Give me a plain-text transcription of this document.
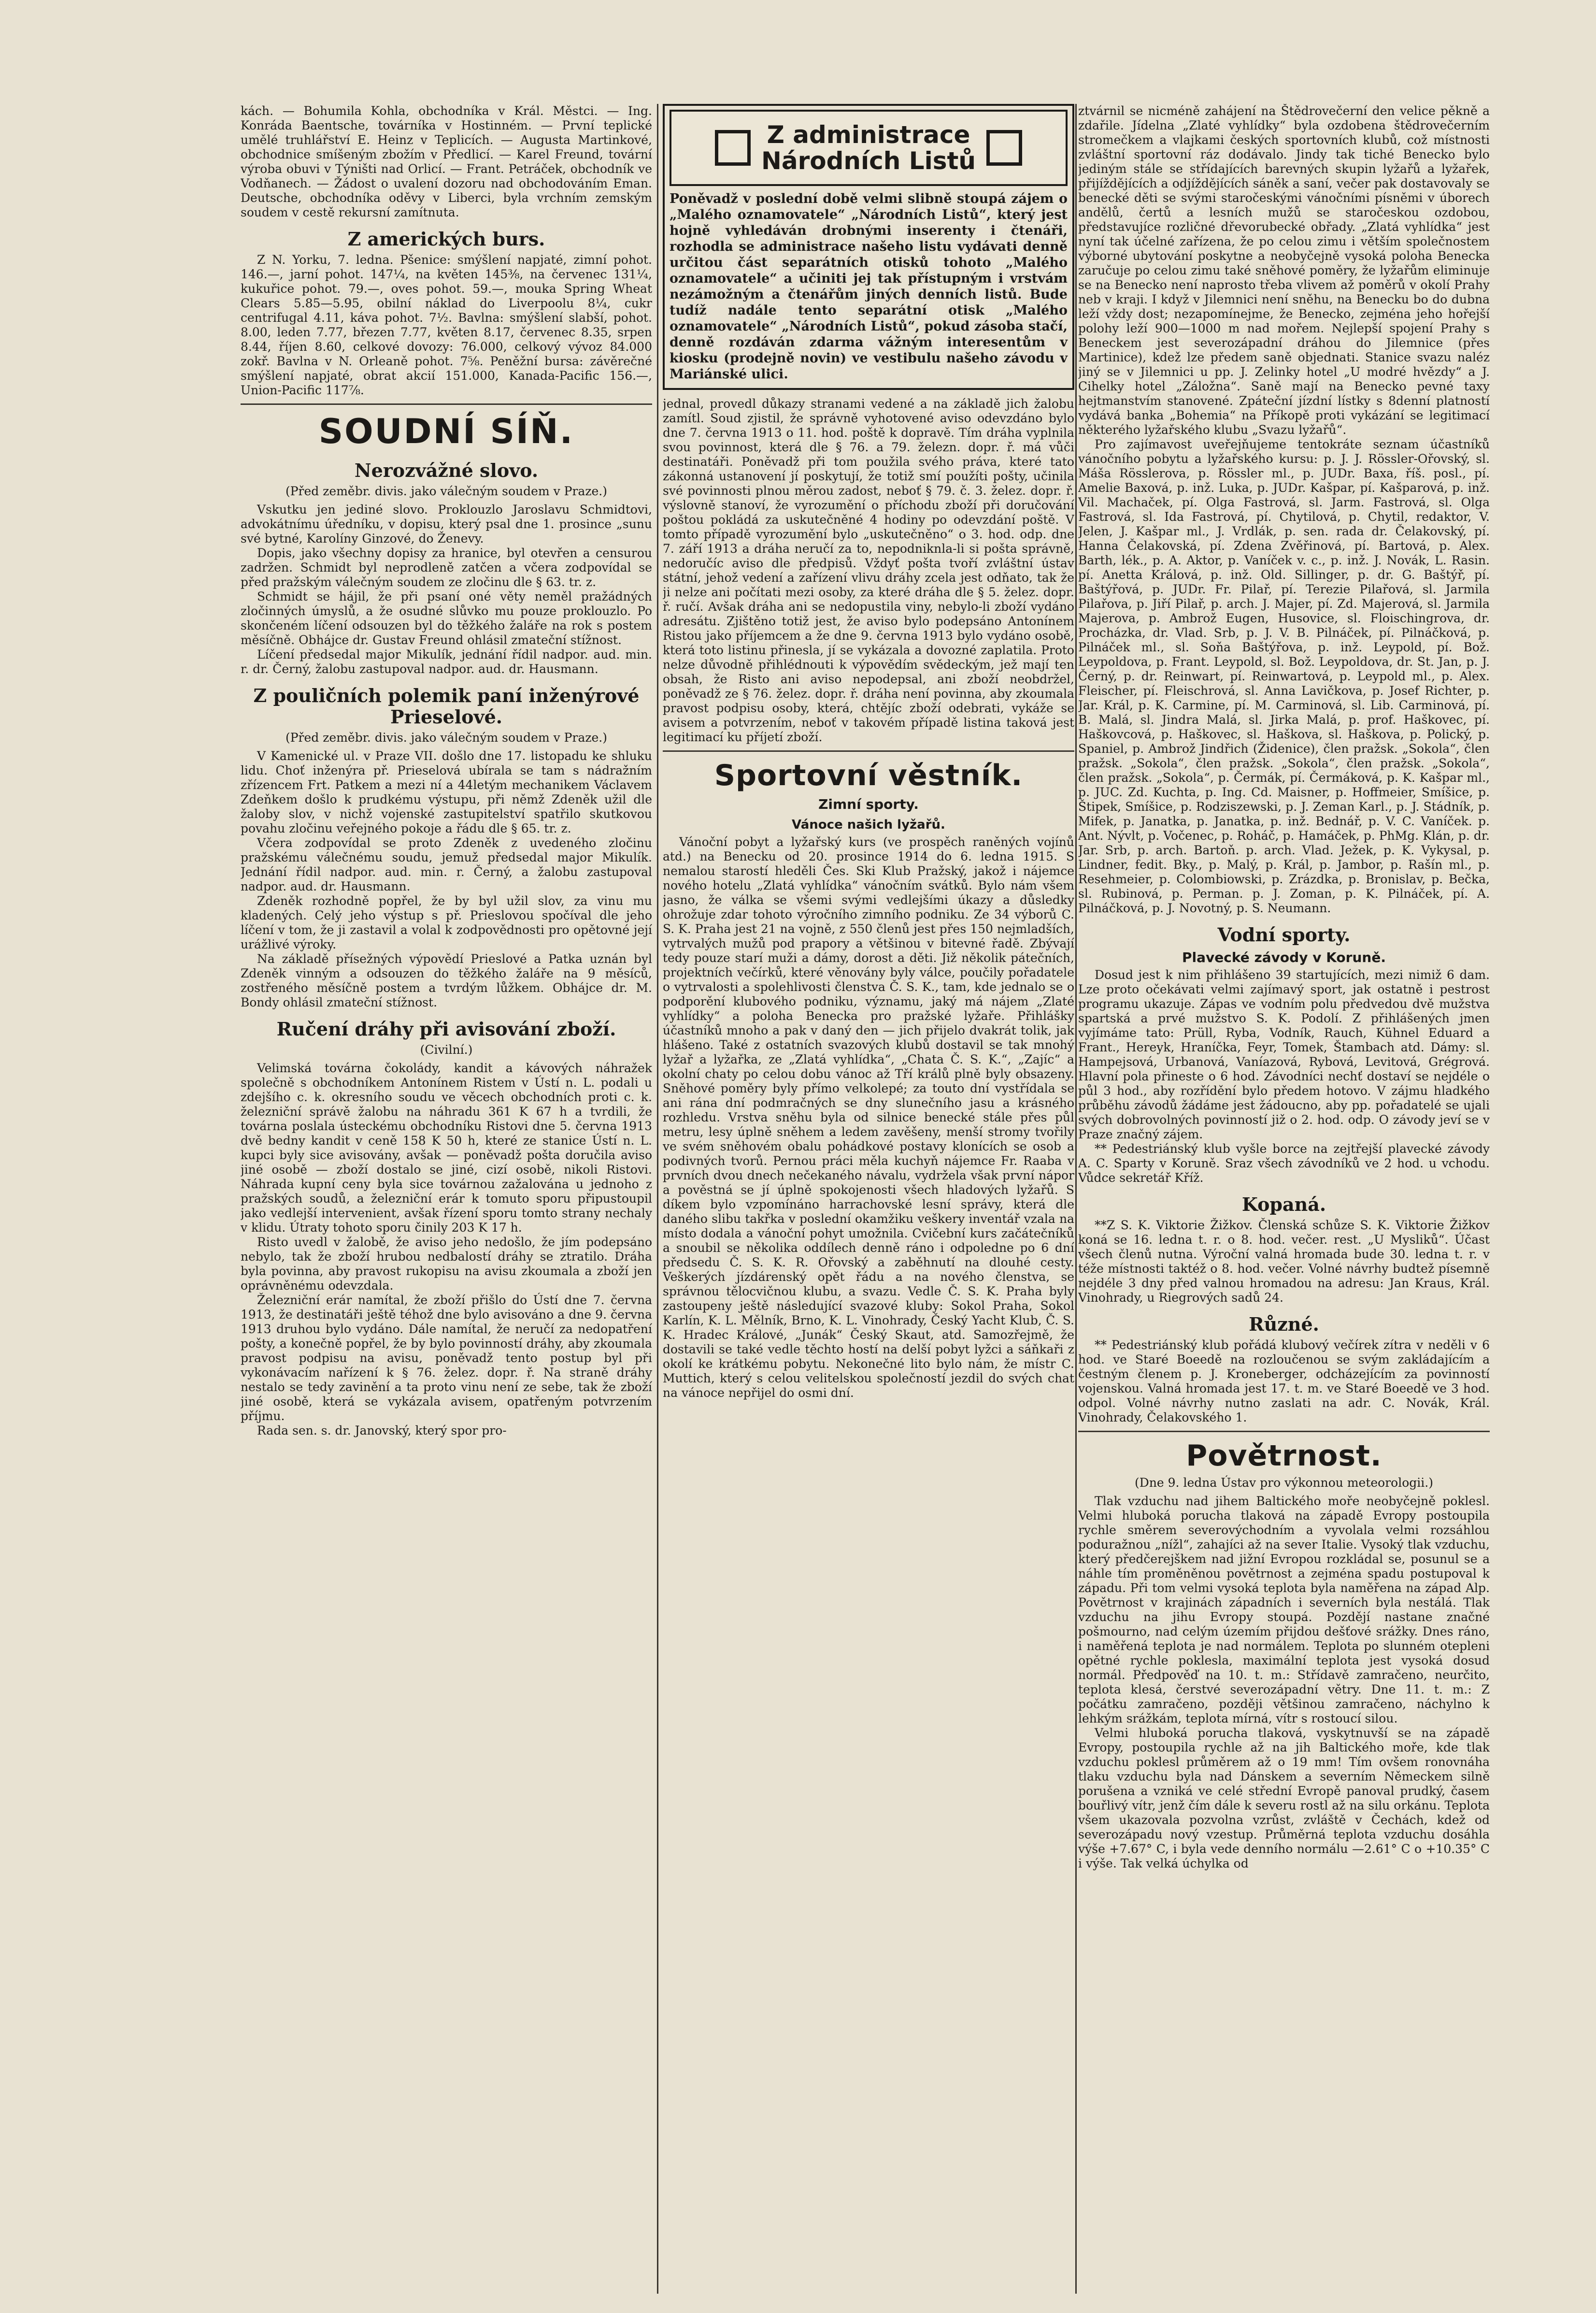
kách. — Bohumila Kohla, obchodníka v Král. Městci. — Ing. Konráda Baentsche, továrníka v Hostinném. — První teplické umělé truhlářství E. Heinz v Teplicích. — Augusta Martinkové, obchodnice smíšeným zbožím v Předlicí. — Karel Freund, tovární výroba obuvi v Týništi nad Orlicí. — Frant. Petráček, obchodník ve Vodňanech. — Žádost o uvalení dozoru nad obchodováním Eman. Deutsche, obchodníka oděvy v Liberci, byla vrchním zemským soudem v cestě rekursní zamítnuta.

Z amerických burs.

Z N. Yorku, 7. ledna. Pšenice: smýšlení napjaté, zimní pohot. 146.—, jarní pohot. 147¼, na květen 145⅜, na červenec 131¼, kukuřice pohot. 79.—, oves pohot. 59.—, mouka Spring Wheat Clears 5.85—5.95, obilní náklad do Liverpoolu 8¼, cukr centrifugal 4.11, káva pohot. 7½. Bavlna: smýšlení slabší, pohot. 8.00, leden 7.77, březen 7.77, květen 8.17, červenec 8.35, srpen 8.44, říjen 8.60, celkové dovozy: 76.000, celkový vývoz 84.000 zokř. Bavlna v N. Orleaně pohot. 7⅝. Peněžní bursa: závěrečné smýšlení napjaté, obrat akcií 151.000, Kanada-Pacific 156.—, Union-Pacific 117⅞.

SOUDNÍ SÍŇ.
Nerozvážné slovo.
(Před zeměbr. divis. jako válečným soudem v Praze.)

Vskutku jen jediné slovo. Proklouzlo Jaroslavu Schmidtovi, advokátnímu úředníku, v dopisu, který psal dne 1. prosince „sunu své bytné, Karolíny Ginzové, do Ženevy.

Dopis, jako všechny dopisy za hranice, byl otevřen a censurou zadržen. Schmidt byl neprodleně zatčen a včera zodpovídal se před pražským válečným soudem ze zločinu dle § 63. tr. z.

Schmidt se hájil, že při psaní oné věty neměl pražádných zločinných úmyslů, a že osudné slůvko mu pouze proklouzlo. Po skončeném líčení odsouzen byl do těžkého žaláře na rok s postem měsíčně. Obhájce dr. Gustav Freund ohlásil zmateční stížnost.

Líčení předsedal major Mikulík, jednání řídil nadpor. aud. min. r. dr. Černý, žalobu zastupoval nadpor. aud. dr. Hausmann.

Z pouličních polemik paní inženýrové Prieselové.
(Před zeměbr. divis. jako válečným soudem v Praze.)

V Kamenické ul. v Praze VII. došlo dne 17. listopadu ke shluku lidu. Choť inženýra př. Prieselová ubírala se tam s nádražním zřízencem Frt. Patkem a mezi ní a 44letým mechanikem Václavem Zdeňkem došlo k prudkému výstupu, při němž Zdeněk užil dle žaloby slov, v nichž vojenské zastupitelství spatřilo skutkovou povahu zločinu veřejného pokoje a řádu dle § 65. tr. z.

Včera zodpovídal se proto Zdeněk z uvedeného zločinu pražskému válečnému soudu, jemuž předsedal major Mikulík. Jednání řídil nadpor. aud. min. r. Černý, a žalobu zastupoval nadpor. aud. dr. Hausmann.

Zdeněk rozhodně popřel, že by byl užil slov, za vinu mu kladených. Celý jeho výstup s př. Prieslovou spočíval dle jeho líčení v tom, že ji zastavil a volal k zodpovědnosti pro opětovné její urážlivé výroky.

Na základě přísežných výpovědí Prieslové a Patka uznán byl Zdeněk vinným a odsouzen do těžkého žaláře na 9 měsíců, zostřeného měsíčně postem a tvrdým lůžkem. Obhájce dr. M. Bondy ohlásil zmateční stížnost.

Ručení dráhy při avisování zboží.
(Civilní.)

Velimská továrna čokolády, kandit a kávových náhražek společně s obchodníkem Antonínem Ristem v Ústí n. L. podali u zdejšího c. k. okresního soudu ve věcech obchodních proti c. k. železniční správě žalobu na náhradu 361 K 67 h a tvrdili, že továrna poslala ústeckému obchodníku Ristovi dne 5. června 1913 dvě bedny kandit v ceně 158 K 50 h, které ze stanice Ústí n. L. kupci byly sice avisovány, avšak — poněvadž pošta doručila aviso jiné osobě — zboží dostalo se jiné, cizí osobě, nikoli Ristovi. Náhrada kupní ceny byla sice továrnou zažalována u jednoho z pražských soudů, a železniční erár k tomuto sporu připustoupil jako vedlejší intervenient, avšak řízení sporu tomto strany nechaly v klidu. Útraty tohoto sporu činily 203 K 17 h.

Risto uvedl v žalobě, že aviso jeho nedošlo, že jím podepsáno nebylo, tak že zboží hrubou nedbalostí dráhy se ztratilo. Dráha byla povinna, aby pravost rukopisu na avisu zkoumala a zboží jen oprávněnému odevzdala.

Železniční erár namítal, že zboží přišlo do Ústí dne 7. června 1913, že destinatáři ještě téhož dne bylo avisováno a dne 9. června 1913 druhou bylo vydáno. Dále namítal, že neručí za nedopatření pošty, a konečně popřel, že by bylo povinností dráhy, aby zkoumala pravost podpisu na avisu, poněvadž tento postup byl při vykonávacím nařízení k § 76. želez. dopr. ř. Na straně dráhy nestalo se tedy zavinění a ta proto vinu není ze sebe, tak že zboží jiné osobě, která se vykázala avisem, opatřeným potvrzením příjmu.

Rada sen. s. dr. Janovský, který spor pro-

Z administrace
Národních Listů

Poněvadž v poslední době velmi slibně stoupá zájem o „Malého oznamovatele“ „Národních Listů“, který jest hojně vyhledáván drobnými inserenty i čtenáři, rozhodla se administrace našeho listu vydávati denně určitou část separátních otisků tohoto „Malého oznamovatele“ a učiniti jej tak přístupným i vrstvám nezámožným a čtenářům jiných denních listů. Bude tudíž nadále tento separátní otisk „Malého oznamovatele“ „Národních Listů“, pokud zásoba stačí, denně rozdáván zdarma vážným interesentům v kiosku (prodejně novin) ve vestibulu našeho závodu v Mariánské ulici.

jednal, provedl důkazy stranami vedené a na základě jich žalobu zamítl. Soud zjistil, že správně vyhotovené aviso odevzdáno bylo dne 7. června 1913 o 11. hod. poště k dopravě. Tím dráha vyplnila svou povinnost, která dle § 76. a 79. železn. dopr. ř. má vůči destinatáři. Poněvadž při tom použila svého práva, které tato zákonná ustanovení jí poskytují, že totiž smí použíti pošty, učinila své povinnosti plnou měrou zadost, neboť § 79. č. 3. želez. dopr. ř. výslovně stanoví, že vyrozumění o příchodu zboží při doručování poštou pokládá za uskutečněné 4 hodiny po odevzdání poště. V tomto případě vyrozumění bylo „uskutečněno“ o 3. hod. odp. dne 7. září 1913 a dráha neručí za to, nepodniknla-li si pošta správně, nedoručíc aviso dle předpisů. Vždyť pošta tvoří zvláštní ústav státní, jehož vedení a zařízení vlivu dráhy zcela jest odňato, tak že ji nelze ani počítati mezi osoby, za které dráha dle § 5. želez. dopr. ř. ručí. Avšak dráha ani se nedopustila viny, nebylo-li zboží vydáno adresátu. Zjištěno totiž jest, že aviso bylo podepsáno Antonínem Ristou jako příjemcem a že dne 9. června 1913 bylo vydáno osobě, která toto listinu přinesla, jí se vykázala a dovozné zaplatila. Proto nelze důvodně přihlédnouti k výpovědím svědeckým, jež mají ten obsah, že Risto ani aviso nepodepsal, ani zboží neobdržel, poněvadž ze § 76. želez. dopr. ř. dráha není povinna, aby zkoumala pravost podpisu osoby, která, chtějíc zboží odebrati, vykáže se avisem a potvrzením, neboť v takovém případě listina taková jest legitimací ku příjetí zboží.

Sportovní věstník.
Zimní sporty.
Vánoce našich lyžařů.

Vánoční pobyt a lyžařský kurs (ve prospěch raněných vojínů atd.) na Benecku od 20. prosince 1914 do 6. ledna 1915. S nemalou starostí hleděli Čes. Ski Klub Pražský, jakož i nájemce nového hotelu „Zlatá vyhlídka“ vánočním svátků. Bylo nám všem jasno, že válka se všemi svými vedlejšími úkazy a důsledky ohrožuje zdar tohoto výročního zimního podniku. Ze 34 výborů C. S. K. Praha jest 21 na vojně, z 550 členů jest přes 150 nejmladších, vytrvalých mužů pod prapory a většinou v bitevné řadě. Zbývají tedy pouze starí muži a dámy, dorost a děti. Již několik pátečních, projektních večírků, které věnovány byly válce, poučily pořadatele o vytrvalosti a spolehlivosti členstva Č. S. K., tam, kde jednalo se o podporění klubového podniku, významu, jaký má nájem „Zlaté vyhlídky“ a poloha Benecka pro pražské lyžaře. Přihlášky účastníků mnoho a pak v daný den — jich přijelo dvakrát tolik, jak hlášeno. Také z ostatních svazových klubů dostavil se tak mnohý lyžař a lyžařka, ze „Zlatá vyhlídka“, „Chata Č. S. K.“, „Zajíc“ a okolní chaty po celou dobu vánoc až Tří králů plně byly obsazeny. Sněhové poměry byly přímo velkolepé; za touto dní vystřídala se ani rána dní podmračných se dny slunečního jasu a krásného rozhledu. Vrstva sněhu byla od silnice benecké stále přes půl metru, lesy úplně sněhem a ledem zavěšeny, menší stromy tvořily ve svém sněhovém obalu pohádkové postavy klonících se osob a podivných tvorů. Pernou práci měla kuchyň nájemce Fr. Raaba v prvních dvou dnech nečekaného návalu, vydržela však první nápor a pověstná se jí úplně spokojenosti všech hladových lyžařů. S díkem bylo vzpomínáno harrachovské lesní správy, která dle daného slibu takřka v poslední okamžiku veškery inventář vzala na místo dodala a vánoční pohyt umožnila. Cvičební kurs začátečníků a snoubil se několika oddílech denně ráno i odpoledne po 6 dní předsedu Č. S. K. R. Ořovský a zaběhnutí na dlouhé cesty. Veškerých jízdárenský opět řádu a na nového členstva, se správnou tělocvičnou klubu, a svazu. Vedle Č. S. K. Praha byly zastoupeny ještě následující svazové kluby: Sokol Praha, Sokol Karlín, K. L. Mělník, Brno, K. L. Vinohrady, Český Yacht Klub, Č. S. K. Hradec Králové, „Junák“ Český Skaut, atd. Samozřejmě, že dostavili se také vedle těchto hostí na delší pobyt lyžci a sáňkaři z okolí ke krátkému pobytu. Nekonečné lito bylo nám, že místr C. Muttich, který s celou velitelskou společností jezdil do svých chat na vánoce nepřijel do osmi dní.

ztvárnil se nicméně zahájení na Štědrovečerní den velice pěkně a zdařile. Jídelna „Zlaté vyhlídky“ byla ozdobena štědrovečerním stromečkem a vlajkami českých sportovních klubů, což místnosti zvláštní sportovní ráz dodávalo. Jindy tak tiché Benecko bylo jediným stále se střídajících barevných skupin lyžařů a lyžařek, přijíždějících a odjíždějících sáněk a saní, večer pak dostavovaly se benecké děti se svými staročeskými vánočními písněmi v úborech andělů, čertů a lesních mužů se staročeskou ozdobou, představujíce rozličné dřevorubecké obřady. „Zlatá vyhlídka“ jest nyní tak účelné zařízena, že po celou zimu i větším společnostem výborné ubytování poskytne a neobyčejně vysoká poloha Benecka zaručuje po celou zimu také sněhové poměry, že lyžařům eliminuje se na Benecko není naprosto třeba vlivem až poměrů v okolí Prahy neb v kraji. I když v Jilemnici není sněhu, na Benecku bo do dubna leží vždy dost; nezapomínejme, že Benecko, zejména jeho hořejší polohy leží 900—1000 m nad mořem. Nejlepší spojení Prahy s Beneckem jest severozápadní dráhou do Jilemnice (přes Martinice), kdež lze předem saně objednati. Stanice svazu naléz jiný se v Jilemnici u pp. J. Zelinky hotel „U modré hvězdy“ a J. Cihelky hotel „Záložna“. Saně mají na Benecko pevné taxy hejtmanstvím stanovené. Zpáteční jízdní lístky s 8denní platností vydává banka „Bohemia“ na Příkopě proti vykázání se legitimací některého lyžařského klubu „Svazu lyžařů“.

Pro zajímavost uveřejňujeme tentokráte seznam účastníků vánočního pobytu a lyžařského kursu: p. J. J. Rössler-Ořovský, sl. Máša Rösslerova, p. Rössler ml., p. JUDr. Baxa, říš. posl., pí. Amelie Baxová, p. inž. Luka, p. JUDr. Kašpar, pí. Kašparová, p. inž. Vil. Machaček, pí. Olga Fastrová, sl. Jarm. Fastrová, sl. Olga Fastrová, sl. Ida Fastrová, pí. Chytilová, p. Chytil, redaktor, V. Jelen, J. Kašpar ml., J. Vrdlák, p. sen. rada dr. Čelakovský, pí. Hanna Čelakovská, pí. Zdena Zvěřinová, pí. Bartová, p. Alex. Barth, lék., p. A. Aktor, p. Vaníček v. c., p. inž. J. Novák, L. Rasin. pí. Anetta Králová, p. inž. Old. Sillinger, p. dr. G. Baštýř, pí. Baštýřová, p. JUDr. Fr. Pilař, pí. Terezie Pilařová, sl. Jarmila Pilařova, p. Jiří Pilař, p. arch. J. Majer, pí. Zd. Majerová, sl. Jarmila Majerova, p. Ambrož Eugen, Husovice, sl. Floischingrova, dr. Procházka, dr. Vlad. Srb, p. J. V. B. Pilnáček, pí. Pilnáčková, p. Pilnáček ml., sl. Soňa Baštýřova, p. inž. Leypold, pí. Bož. Leypoldova, p. Frant. Leypold, sl. Bož. Leypoldova, dr. St. Jan, p. J. Černý, p. dr. Reinwart, pí. Reinwartová, p. Leypold ml., p. Alex. Fleischer, pí. Fleischrová, sl. Anna Lavičkova, p. Josef Richter, p. Jar. Král, p. K. Carmine, pí. M. Carminová, sl. Lib. Carminová, pí. B. Malá, sl. Jindra Malá, sl. Jirka Malá, p. prof. Haškovec, pí. Haškovcová, p. Haškovec, sl. Haškova, sl. Haškova, p. Polický, p. Spaniel, p. Ambrož Jindřich (Židenice), člen pražsk. „Sokola“, člen pražsk. „Sokola“, člen pražsk. „Sokola“, člen pražsk. „Sokola“, člen pražsk. „Sokola“, p. Čermák, pí. Čermáková, p. K. Kašpar ml., p. JUC. Zd. Kuchta, p. Ing. Cd. Maisner, p. Hoffmeier, Smíšice, p. Štipek, Smíšice, p. Rodziszewski, p. J. Zeman Karl., p. J. Stádník, p. Mifek, p. Janatka, p. Janatka, p. inž. Bednář, p. V. C. Vaníček. p. Ant. Nývlt, p. Vočenec, p. Roháč, p. Hamáček, p. PhMg. Klán, p. dr. Jar. Srb, p. arch. Bartoň. p. arch. Vlad. Ježek, p. K. Vykysal, p. Lindner, fedit. Bky., p. Malý, p. Král, p. Jambor, p. Rašín ml., p. Resehmeier, p. Colombiowski, p. Zrázdka, p. Bronislav, p. Bečka, sl. Rubinová, p. Perman. p. J. Zoman, p. K. Pilnáček, pí. A. Pilnáčková, p. J. Novotný, p. S. Neumann.

Vodní sporty.
Plavecké závody v Koruně.

Dosud jest k nim přihlášeno 39 startujících, mezi nimiž 6 dam. Lze proto očekávati velmi zajímavý sport, jak ostatně i pestrost programu ukazuje. Zápas ve vodním polu předvedou dvě mužstva spartská a prvé mužstvo S. K. Podolí. Z přihlášených jmen vyjímáme tato: Prüll, Ryba, Vodník, Rauch, Kühnel Eduard a Frant., Hereyk, Hraníčka, Feyr, Tomek, Štambach atd. Dámy: sl. Hampejsová, Urbanová, Vaníazová, Rybová, Levitová, Grégrová. Hlavní pola přineste o 6 hod. Závodníci nechť dostaví se nejdéle o půl 3 hod., aby rozřídění bylo předem hotovo. V zájmu hladkého průběhu závodů žádáme jest žádoucno, aby pp. pořadatelé se ujali svých dobrovolných povinností již o 2. hod. odp. O závody jeví se v Praze značný zájem.

** Pedestriánský klub vyšle borce na zejtřejší plavecké závody A. C. Sparty v Koruně. Sraz všech závodníků ve 2 hod. u vchodu. Vůdce sekretář Kříž.

Kopaná.

**Z S. K. Viktorie Žižkov. Členská schůze S. K. Viktorie Žižkov koná se 16. ledna t. r. o 8. hod. večer. rest. „U Mysliků“. Účast všech členů nutna. Výroční valná hromada bude 30. ledna t. r. v téže místnosti taktéž o 8. hod. večer. Volné návrhy budtež písemně nejdéle 3 dny před valnou hromadou na adresu: Jan Kraus, Král. Vinohrady, u Riegrových sadů 24.

Různé.

** Pedestriánský klub pořádá klubový večírek zítra v neděli v 6 hod. ve Staré Boeedě na rozloučenou se svým zakládajícím a čestným členem p. J. Kroneberger, odcházejícím za povinností vojenskou. Valná hromada jest 17. t. m. ve Staré Boeedě ve 3 hod. odpol. Volné návrhy nutno zaslati na adr. C. Novák, Král. Vinohrady, Čelakovského 1.

Povětrnost.
(Dne 9. ledna Ústav pro výkonnou meteorologii.)

Tlak vzduchu nad jihem Baltického moře neobyčejně poklesl. Velmi hluboká porucha tlaková na západě Evropy postoupila rychle směrem severovýchodním a vyvolala velmi rozsáhlou poduražnou „nížl“, zahajíci až na sever Italie. Vysoký tlak vzduchu, který předčerejškem nad jižní Evropou rozkládal se, posunul se a náhle tím proměněnou povětrnost a zejména spadu postupoval k západu. Při tom velmi vysoká teplota byla naměřena na západ Alp. Povětrnost v krajinách západních i severních byla nestálá. Tlak vzduchu na jihu Evropy stoupá. Pozdějí nastane značné pošmourno, nad celým územím přijdou dešťové srážky. Dnes ráno, i naměřená teplota je nad normálem. Teplota po slunném otepleni opětné rychle poklesla, maximální teplota jest vysoká dosud normál. Předpověď na 10. t. m.: Střídavě zamračeno, neurčito, teplota klesá, čerstvé severozápadní větry. Dne 11. t. m.: Z počátku zamračeno, později většinou zamračeno, náchylno k lehkým srážkám, teplota mírná, vítr s rostoucí silou.

Velmi hluboká porucha tlaková, vyskytnuvší se na západě Evropy, postoupila rychle až na jih Baltického moře, kde tlak vzduchu poklesl průměrem až o 19 mm! Tím ovšem ronovnáha tlaku vzduchu byla nad Dánskem a severním Německem silně porušena a vzniká ve celé střední Evropě panoval prudký, časem bouřlivý vítr, jenž čím dále k severu rostl až na silu orkánu. Teplota všem ukazovala pozvolna vzrůst, zvláště v Čechách, kdež od severozápadu nový vzestup. Průměrná teplota vzduchu dosáhla výše +7.67° C, i byla vede denního normálu —2.61° C o +10.35° C i výše. Tak velká úchylka od
